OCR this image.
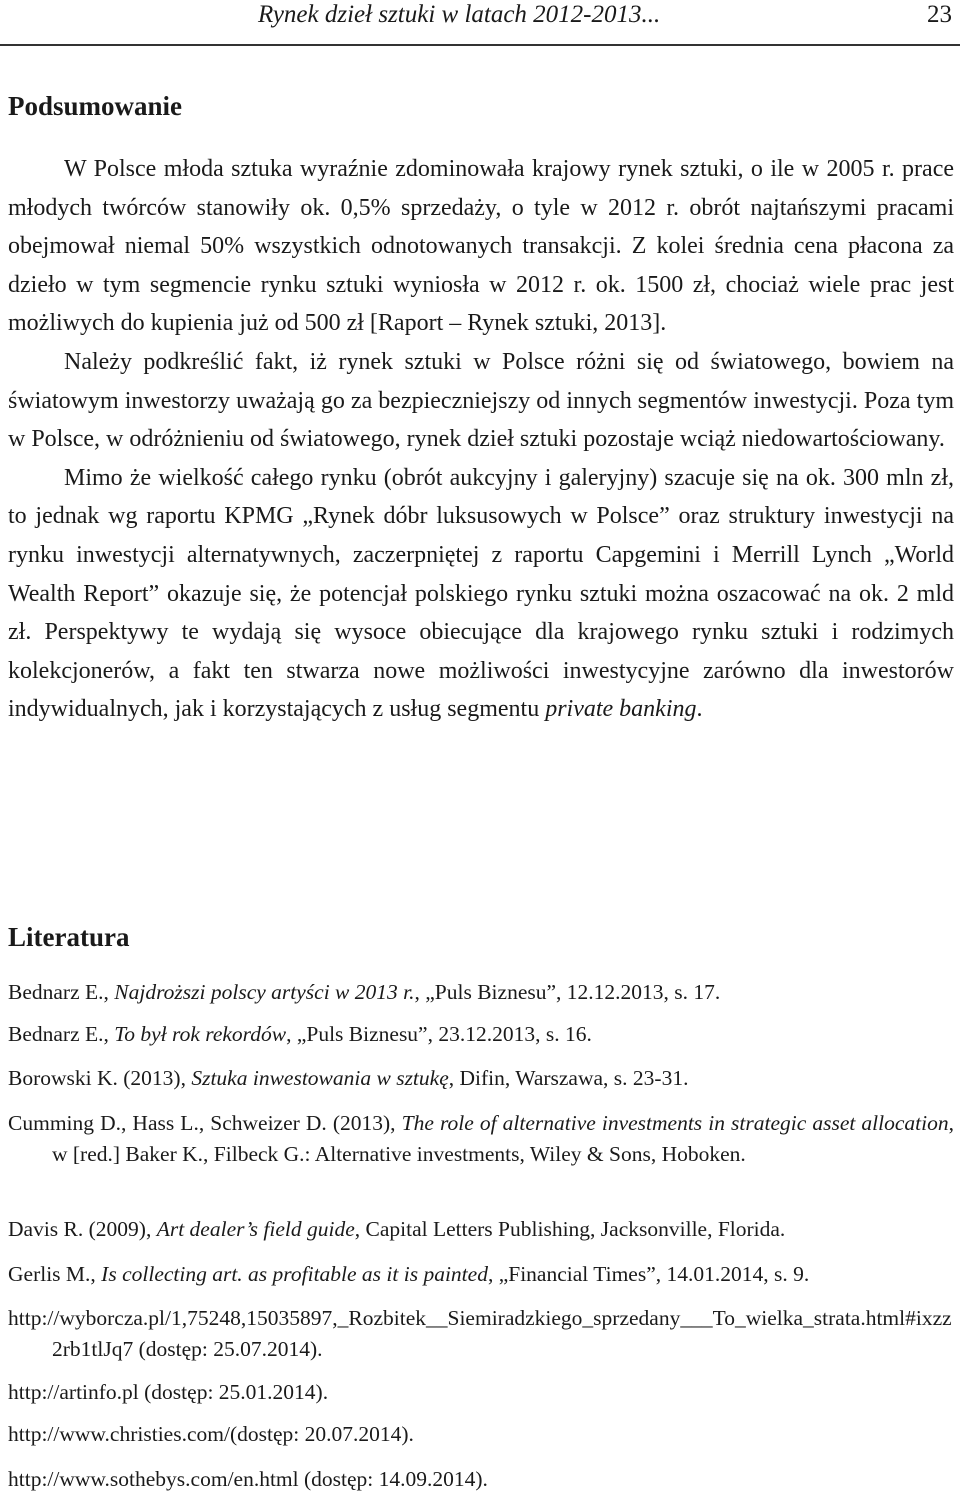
Rynek dzieł sztuki w latach 2012-2013...	23
Podsumowanie

W Polsce młoda sztuka wyraźnie zdominowała krajowy rynek sztuki, o ile w 2005 r. prace młodych twórców stanowiły ok. 0,5% sprzedaży, o tyle w 2012 r. obrót najtańszymi pracami obejmował niemal 50% wszystkich odnotowanych transakcji. Z kolei średnia cena płacona za dzieło w tym segmencie rynku sztuki wyniosła w 2012 r. ok. 1500 zł, chociaż wiele prac jest możliwych do kupienia już od 500 zł [Raport – Rynek sztuki, 2013].

Należy podkreślić fakt, iż rynek sztuki w Polsce różni się od światowego, bowiem na światowym inwestorzy uważają go za bezpieczniejszy od innych segmentów inwestycji. Poza tym w Polsce, w odróżnieniu od światowego, rynek dzieł sztuki pozostaje wciąż niedowartościowany.

Mimo że wielkość całego rynku (obrót aukcyjny i galeryjny) szacuje się na ok. 300 mln zł, to jednak wg raportu KPMG „Rynek dóbr luksusowych w Polsce” oraz struktury inwestycji na rynku inwestycji alternatywnych, zaczerpniętej z raportu Capgemini i Merrill Lynch „World Wealth Report” okazuje się, że potencjał polskiego rynku sztuki można oszacować na ok. 2 mld zł. Perspektywy te wydają się wysoce obiecujące dla krajowego rynku sztuki i rodzimych kolekcjonerów, a fakt ten stwarza nowe możliwości inwestycyjne zarówno dla inwestorów indywidualnych, jak i korzystających z usług segmentu private banking.

Literatura
Bednarz E., Najdroższi polscy artyści w 2013 r., „Puls Biznesu”, 12.12.2013, s. 17.
Bednarz E., To był rok rekordów, „Puls Biznesu”, 23.12.2013, s. 16.
Borowski K. (2013), Sztuka inwestowania w sztukę, Difin, Warszawa, s. 23-31.
Cumming D., Hass L., Schweizer D. (2013), The role of alternative investments in strategic asset allocation, w [red.] Baker K., Filbeck G.: Alternative investments, Wiley & Sons, Hoboken.
Davis R. (2009), Art dealer’s field guide, Capital Letters Publishing, Jacksonville, Florida.
Gerlis M., Is collecting art. as profitable as it is painted, „Financial Times”, 14.01.2014, s. 9.
http://wyborcza.pl/1,75248,15035897,_Rozbitek__Siemiradzkiego_sprzedany___To_wielka_strata.html#ixzz2rb1tlJq7 (dostęp: 25.07.2014).
http://artinfo.pl (dostęp: 25.01.2014).
http://www.christies.com/(dostęp: 20.07.2014).
http://www.sothebys.com/en.html (dostęp: 14.09.2014).
